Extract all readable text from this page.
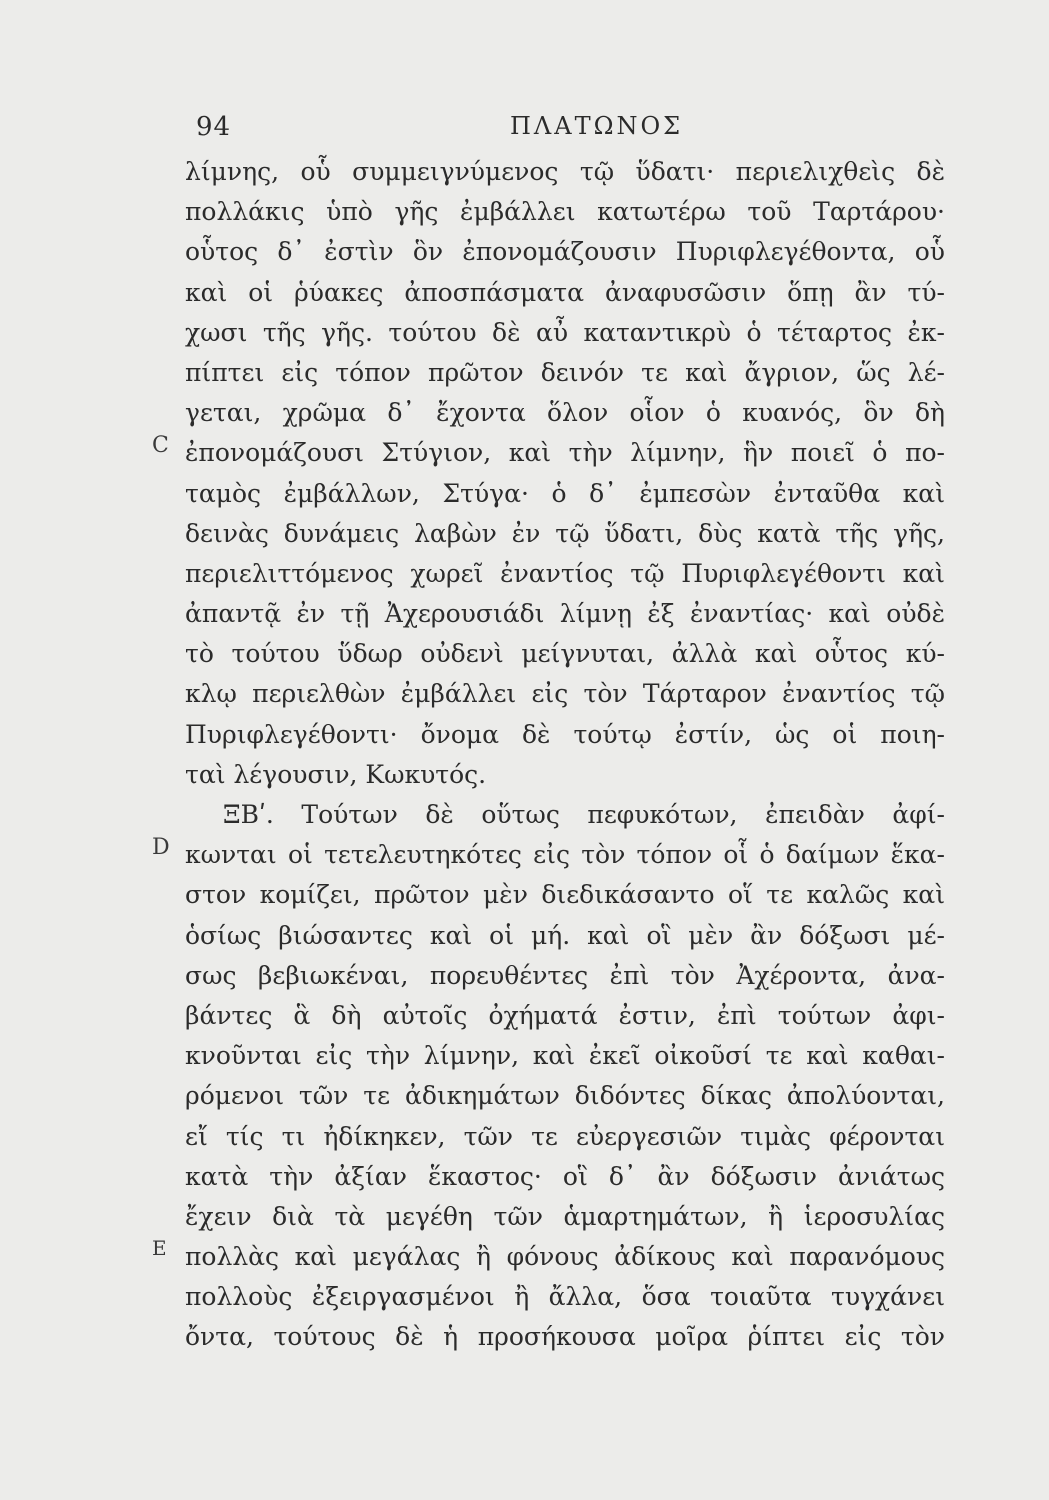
94	ΠΛΑΤΩΝΟΣ
E
D
C
λίμνης, οὗ συμμειγνύμενος τῷ ὕδατι· περιελιχθεὶς δὲ
πολλάκις ὑπὸ γῆς ἐμβάλλει κατωτέρω τοῦ Ταρτάρου·
οὗτος δ᾽ ἐστὶν ὃν ἐπονομάζουσιν Πυριφλεγέθοντα, οὗ
καὶ οἱ ῥύακες ἀποσπάσματα ἀναφυσῶσιν ὅπῃ ἂν τύ-
χωσι τῆς γῆς. τούτου δὲ αὖ καταντικρὺ ὁ τέταρτος ἐκ-
πίπτει εἰς τόπον πρῶτον δεινόν τε καὶ ἄγριον, ὥς λέ-
γεται, χρῶμα δ᾽ ἔχοντα ὅλον οἷον ὁ κυανός, ὃν δὴ
ἐπονομάζουσι Στύγιον, καὶ τὴν λίμνην, ἣν ποιεῖ ὁ πο-
ταμὸς ἐμβάλλων, Στύγα· ὁ δ᾽ ἐμπεσὼν ἐνταῦθα καὶ
δεινὰς δυνάμεις λαβὼν ἐν τῷ ὕδατι, δὺς κατὰ τῆς γῆς,
περιελιττόμενος χωρεῖ ἐναντίος τῷ Πυριφλεγέθοντι καὶ
ἀπαντᾷ ἐν τῇ Ἀχερουσιάδι λίμνῃ ἐξ ἐναντίας· καὶ οὐδὲ
τὸ τούτου ὕδωρ οὐδενὶ μείγνυται, ἀλλὰ καὶ οὗτος κύ-
κλῳ περιελθὼν ἐμβάλλει εἰς τὸν Τάρταρον ἐναντίος τῷ
Πυριφλεγέθοντι· ὄνομα δὲ τούτῳ ἐστίν, ὡς οἱ ποιη-
ταὶ λέγουσιν, Κωκυτός.
ΞΒʹ. Τούτων δὲ οὕτως πεφυκότων, ἐπειδὰν ἀφί-
κωνται οἱ τετελευτηκότες εἰς τὸν τόπον οἷ ὁ δαίμων ἕκα-
στον κομίζει, πρῶτον μὲν διεδικάσαντο οἵ τε καλῶς καὶ
ὁσίως βιώσαντες καὶ οἱ μή. καὶ οἳ μὲν ἂν δόξωσι μέ-
σως βεβιωκέναι, πορευθέντες ἐπὶ τὸν Ἀχέροντα, ἀνα-
βάντες ἃ δὴ αὐτοῖς ὀχήματά ἐστιν, ἐπὶ τούτων ἀφι-
κνοῦνται εἰς τὴν λίμνην, καὶ ἐκεῖ οἰκοῦσί τε καὶ καθαι-
ρόμενοι τῶν τε ἀδικημάτων διδόντες δίκας ἀπολύονται,
εἴ τίς τι ἠδίκηκεν, τῶν τε εὐεργεσιῶν τιμὰς φέρονται
κατὰ τὴν ἀξίαν ἕκαστος· οἳ δ᾽ ἂν δόξωσιν ἀνιάτως
ἔχειν διὰ τὰ μεγέθη τῶν ἁμαρτημάτων, ἢ ἱεροσυλίας
πολλὰς καὶ μεγάλας ἢ φόνους ἀδίκους καὶ παρανόμους
πολλοὺς ἐξειργασμένοι ἢ ἄλλα, ὅσα τοιαῦτα τυγχάνει
ὄντα, τούτους δὲ ἡ προσήκουσα μοῖρα ῥίπτει εἰς τὸν
